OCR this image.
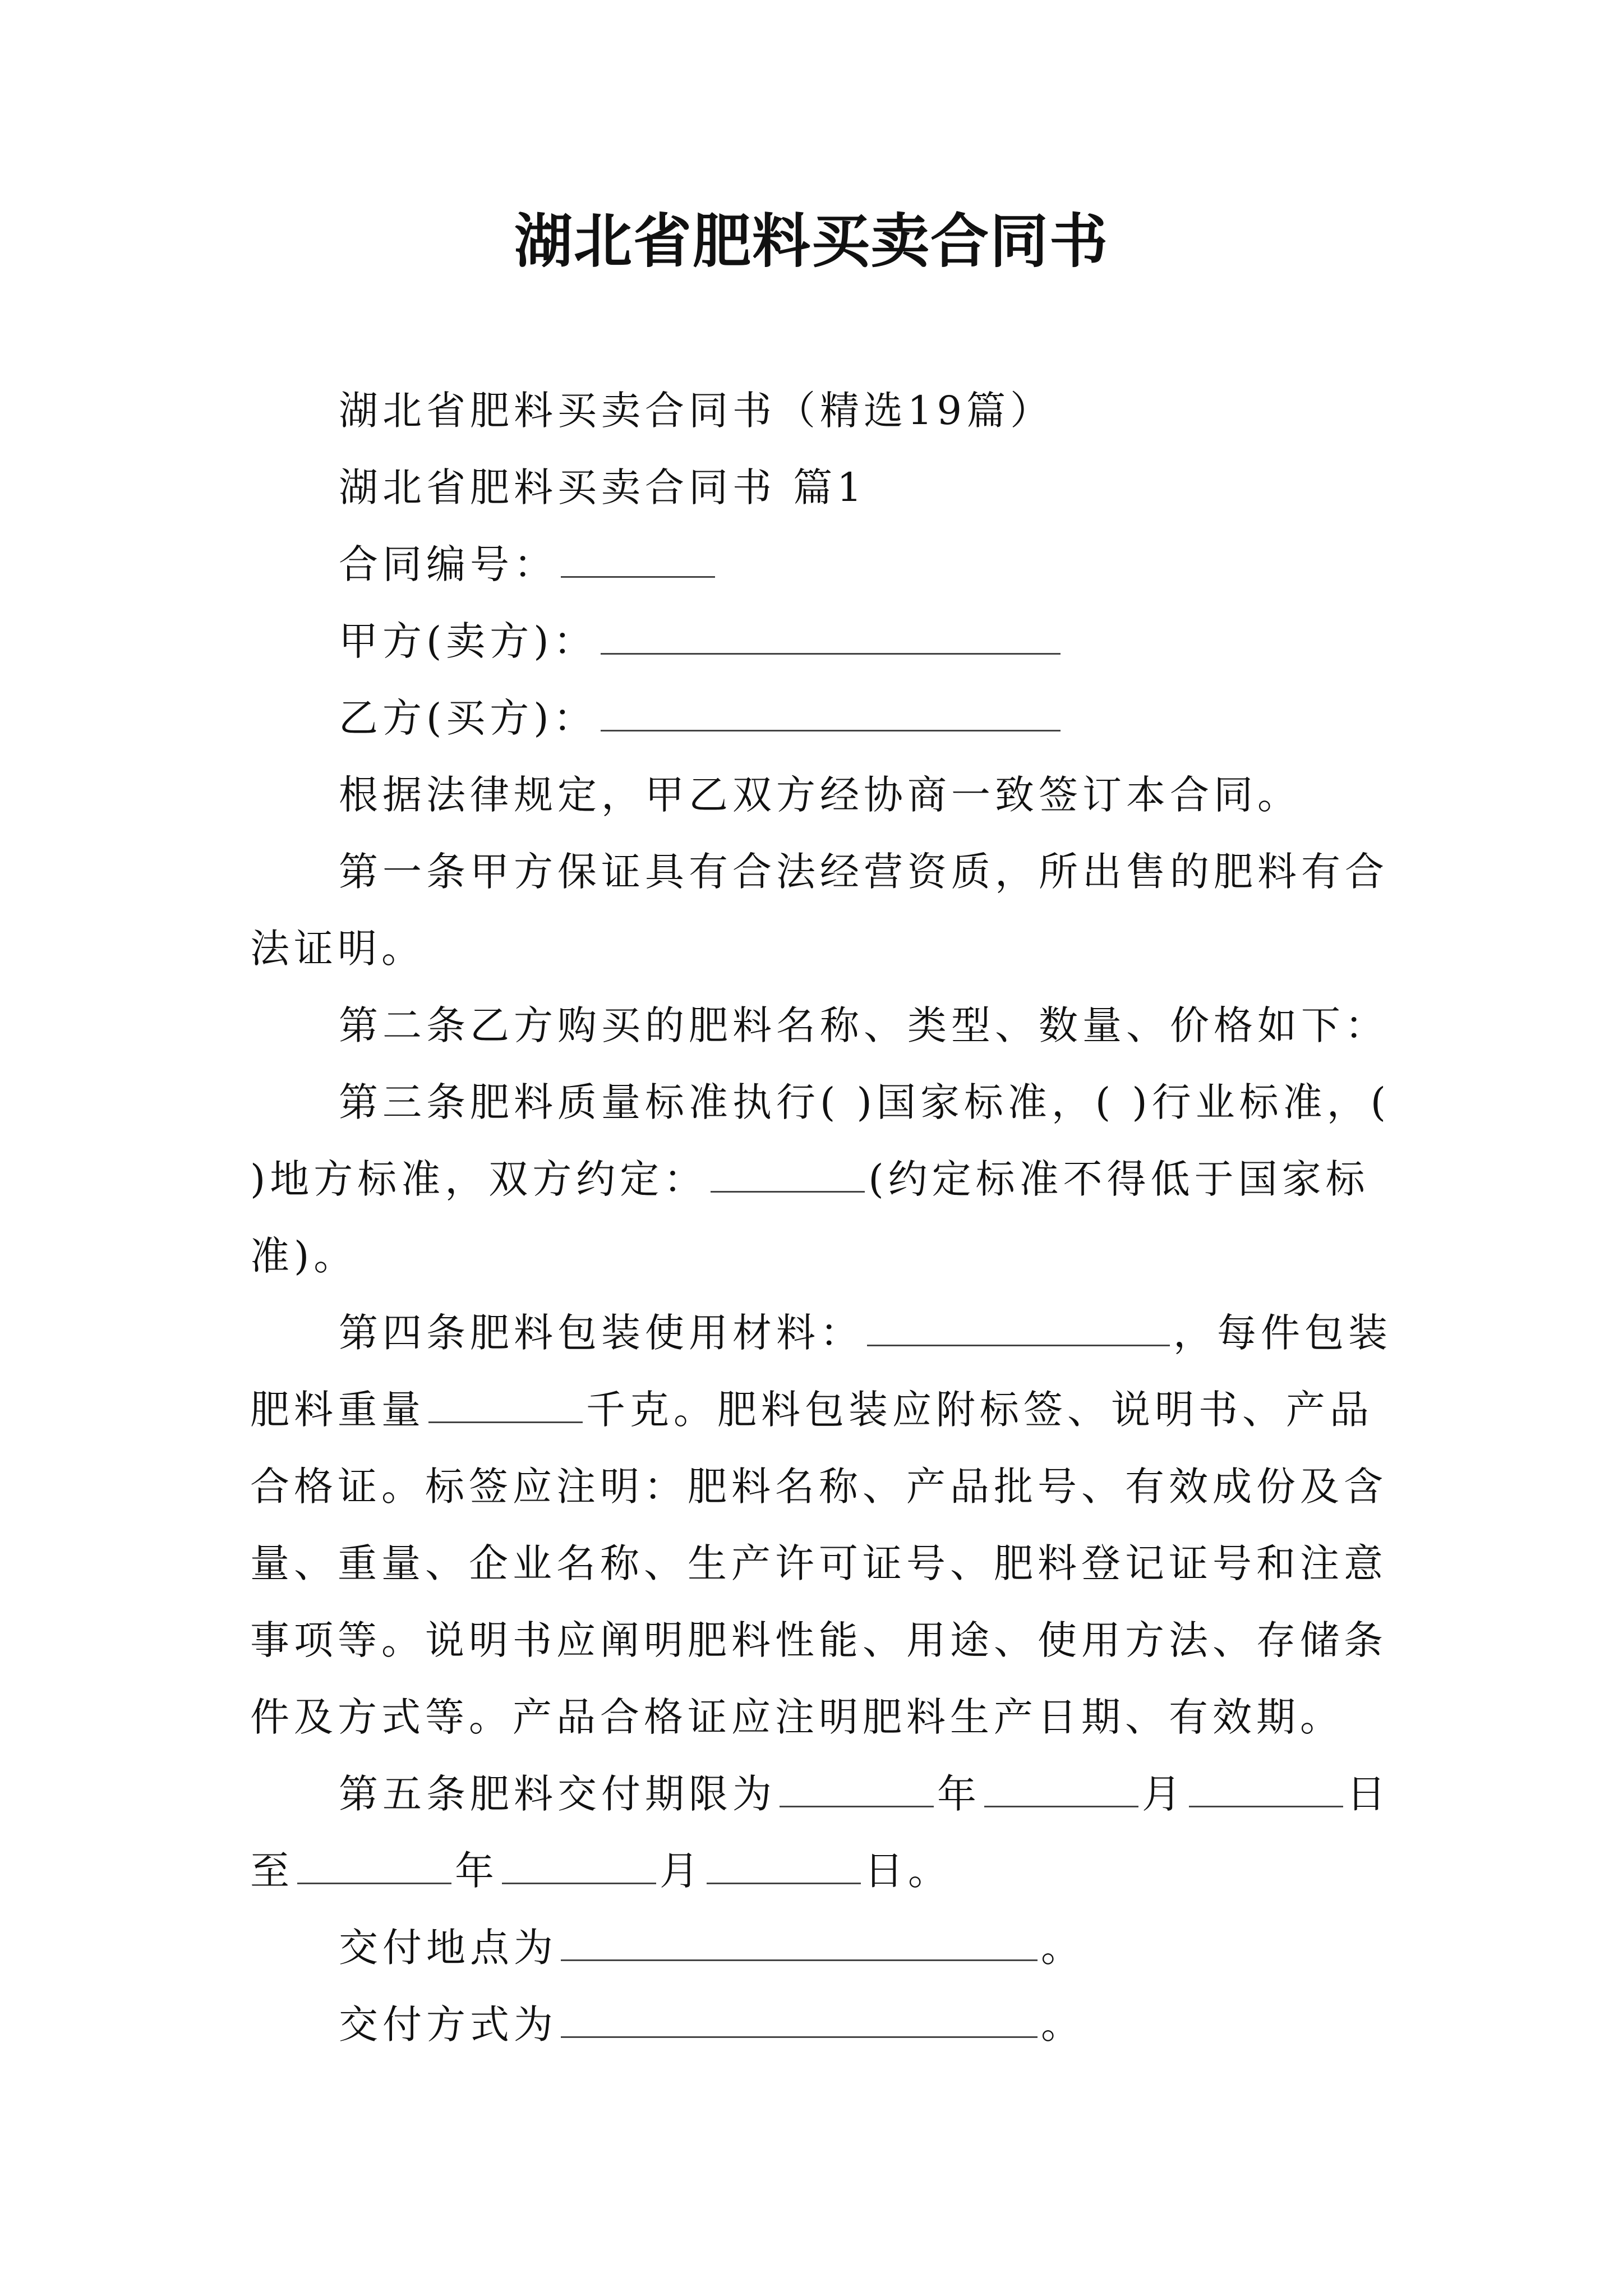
湖北省肥料买卖合同书

湖北省肥料买卖合同书（精选19篇）

湖北省肥料买卖合同书 篇1

合同编号：

甲方(卖方)：

乙方(买方)：

根据法律规定，甲乙双方经协商一致签订本合同。

第一条甲方保证具有合法经营资质，所出售的肥料有合法证明。

第二条乙方购买的肥料名称、类型、数量、价格如下：

第三条肥料质量标准执行( )国家标准，( )行业标准，( )地方标准，双方约定：	(约定标准不得低于国家标准)。

第四条肥料包装使用材料：	，每件包装肥料重量	千克。肥料包装应附标签、说明书、产品合格证。标签应注明：肥料名称、产品批号、有效成份及含量、重量、企业名称、生产许可证号、肥料登记证号和注意事项等。说明书应阐明肥料性能、用途、使用方法、存储条件及方式等。产品合格证应注明肥料生产日期、有效期。

第五条肥料交付期限为	年	月	日至	年	月	日。

交付地点为	。

交付方式为	。
